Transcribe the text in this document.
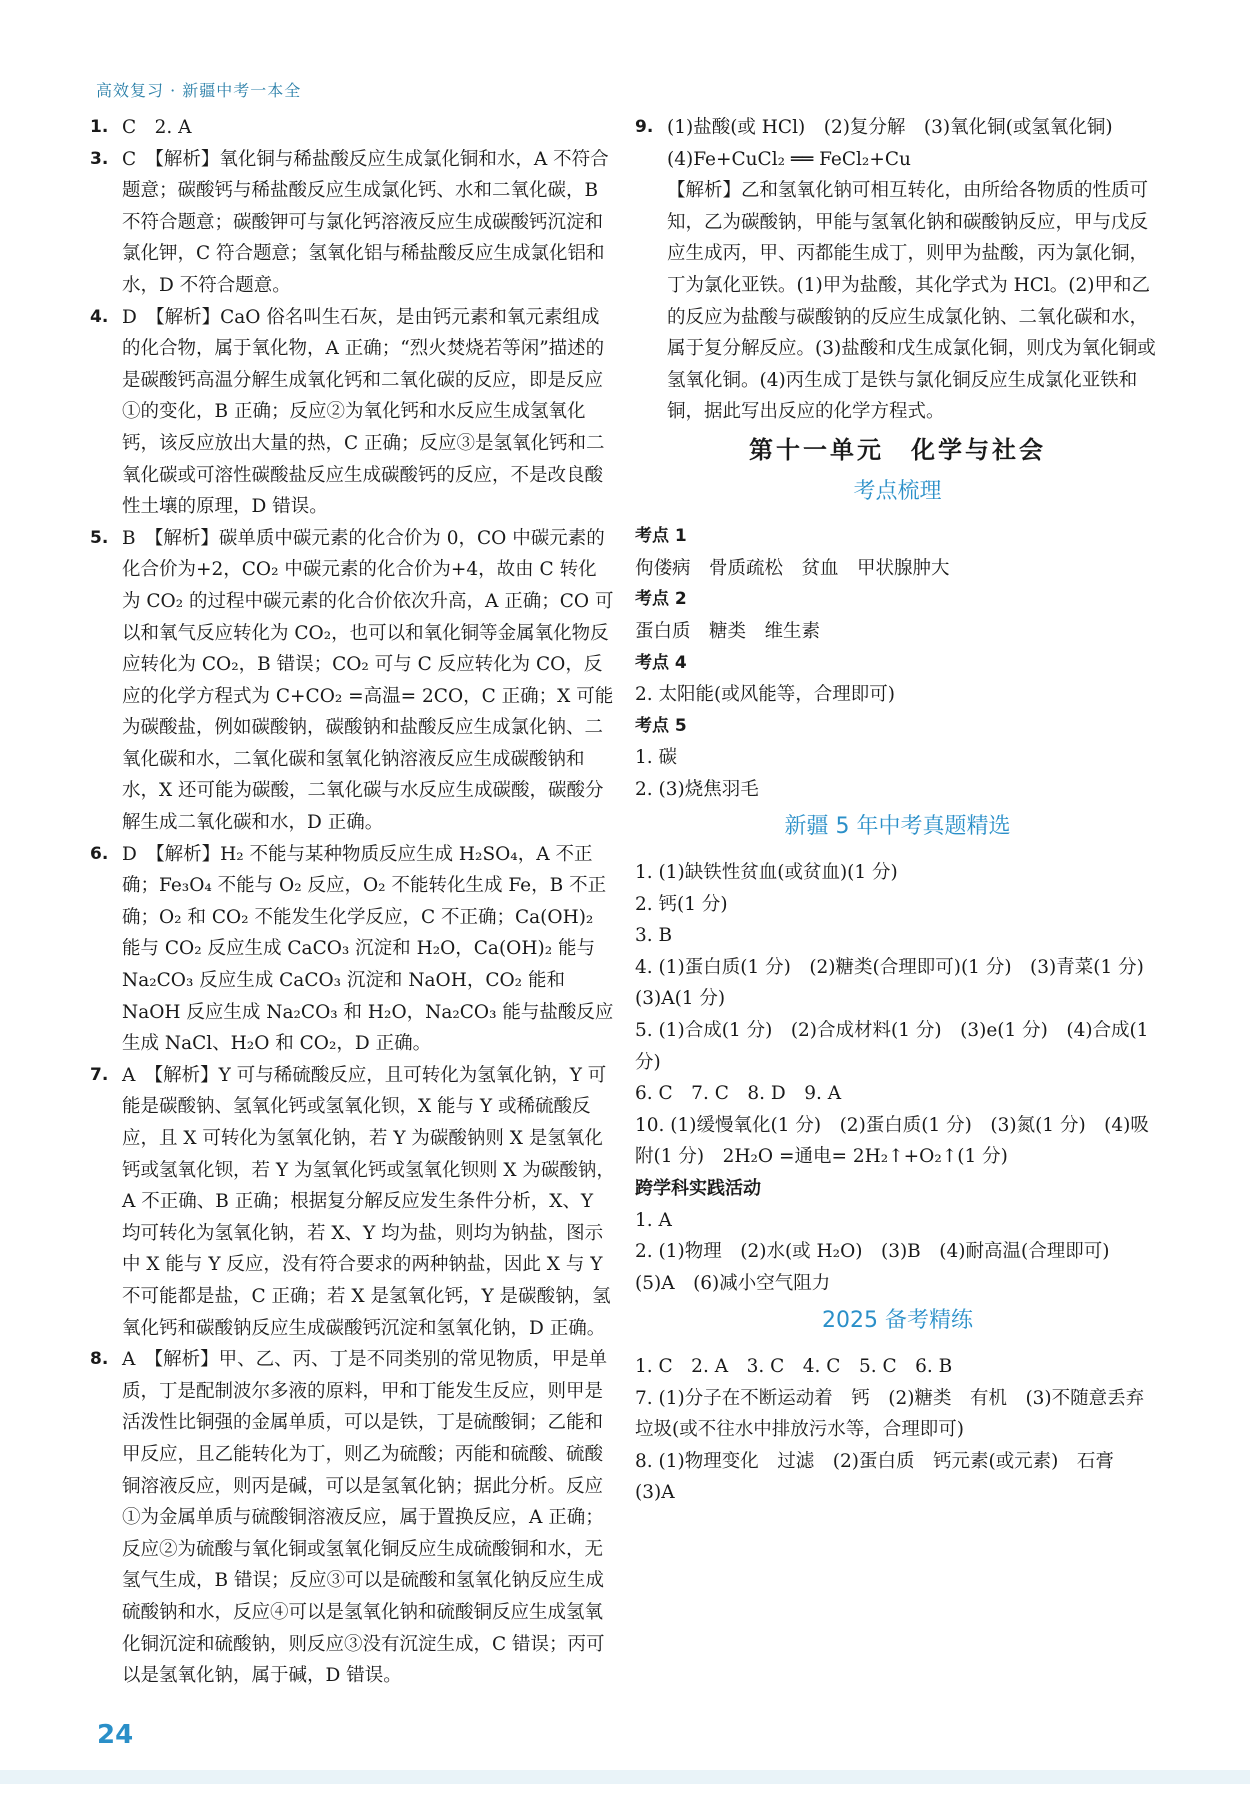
高效复习 · 新疆中考一本全

1. C　2. A

3. C　【解析】氧化铜与稀盐酸反应生成氯化铜和水，A 不符合题意；碳酸钙与稀盐酸反应生成氯化钙、水和二氧化碳，B 不符合题意；碳酸钾可与氯化钙溶液反应生成碳酸钙沉淀和氯化钾，C 符合题意；氢氧化铝与稀盐酸反应生成氯化铝和水，D 不符合题意。

4. D　【解析】CaO 俗名叫生石灰，是由钙元素和氧元素组成的化合物，属于氧化物，A 正确；“烈火焚烧若等闲”描述的是碳酸钙高温分解生成氧化钙和二氧化碳的反应，即是反应①的变化，B 正确；反应②为氧化钙和水反应生成氢氧化钙，该反应放出大量的热，C 正确；反应③是氢氧化钙和二氧化碳或可溶性碳酸盐反应生成碳酸钙的反应，不是改良酸性土壤的原理，D 错误。

5. B　【解析】碳单质中碳元素的化合价为 0，CO 中碳元素的化合价为+2，CO₂ 中碳元素的化合价为+4，故由 C 转化为 CO₂ 的过程中碳元素的化合价依次升高，A 正确；CO 可以和氧气反应转化为 CO₂，也可以和氧化铜等金属氧化物反应转化为 CO₂，B 错误；CO₂ 可与 C 反应转化为 CO，反应的化学方程式为 C+CO₂ =高温= 2CO，C 正确；X 可能为碳酸盐，例如碳酸钠，碳酸钠和盐酸反应生成氯化钠、二氧化碳和水，二氧化碳和氢氧化钠溶液反应生成碳酸钠和水，X 还可能为碳酸，二氧化碳与水反应生成碳酸，碳酸分解生成二氧化碳和水，D 正确。

6. D　【解析】H₂ 不能与某种物质反应生成 H₂SO₄，A 不正确；Fe₃O₄ 不能与 O₂ 反应，O₂ 不能转化生成 Fe，B 不正确；O₂ 和 CO₂ 不能发生化学反应，C 不正确；Ca(OH)₂ 能与 CO₂ 反应生成 CaCO₃ 沉淀和 H₂O，Ca(OH)₂ 能与 Na₂CO₃ 反应生成 CaCO₃ 沉淀和 NaOH，CO₂ 能和 NaOH 反应生成 Na₂CO₃ 和 H₂O，Na₂CO₃ 能与盐酸反应生成 NaCl、H₂O 和 CO₂，D 正确。

7. A　【解析】Y 可与稀硫酸反应，且可转化为氢氧化钠，Y 可能是碳酸钠、氢氧化钙或氢氧化钡，X 能与 Y 或稀硫酸反应，且 X 可转化为氢氧化钠，若 Y 为碳酸钠则 X 是氢氧化钙或氢氧化钡，若 Y 为氢氧化钙或氢氧化钡则 X 为碳酸钠，A 不正确、B 正确；根据复分解反应发生条件分析，X、Y 均可转化为氢氧化钠，若 X、Y 均为盐，则均为钠盐，图示中 X 能与 Y 反应，没有符合要求的两种钠盐，因此 X 与 Y 不可能都是盐，C 正确；若 X 是氢氧化钙，Y 是碳酸钠，氢氧化钙和碳酸钠反应生成碳酸钙沉淀和氢氧化钠，D 正确。

8. A　【解析】甲、乙、丙、丁是不同类别的常见物质，甲是单质，丁是配制波尔多液的原料，甲和丁能发生反应，则甲是活泼性比铜强的金属单质，可以是铁，丁是硫酸铜；乙能和甲反应，且乙能转化为丁，则乙为硫酸；丙能和硫酸、硫酸铜溶液反应，则丙是碱，可以是氢氧化钠；据此分析。反应①为金属单质与硫酸铜溶液反应，属于置换反应，A 正确；反应②为硫酸与氧化铜或氢氧化铜反应生成硫酸铜和水，无氢气生成，B 错误；反应③可以是硫酸和氢氧化钠反应生成硫酸钠和水，反应④可以是氢氧化钠和硫酸铜反应生成氢氧化铜沉淀和硫酸钠，则反应③没有沉淀生成，C 错误；丙可以是氢氧化钠，属于碱，D 错误。

9. (1)盐酸(或 HCl)　(2)复分解　(3)氧化铜(或氢氧化铜)　(4)Fe+CuCl₂ ══ FeCl₂+Cu
【解析】乙和氢氧化钠可相互转化，由所给各物质的性质可知，乙为碳酸钠，甲能与氢氧化钠和碳酸钠反应，甲与戊反应生成丙，甲、丙都能生成丁，则甲为盐酸，丙为氯化铜，丁为氯化亚铁。(1)甲为盐酸，其化学式为 HCl。(2)甲和乙的反应为盐酸与碳酸钠的反应生成氯化钠、二氧化碳和水，属于复分解反应。(3)盐酸和戊生成氯化铜，则戊为氧化铜或氢氧化铜。(4)丙生成丁是铁与氯化铜反应生成氯化亚铁和铜，据此写出反应的化学方程式。

第十一单元　化学与社会
考点梳理

考点 1

佝偻病　骨质疏松　贫血　甲状腺肿大

考点 2

蛋白质　糖类　维生素

考点 4

2. 太阳能(或风能等，合理即可)

考点 5

1. 碳

2. (3)烧焦羽毛

新疆 5 年中考真题精选

1. (1)缺铁性贫血(或贫血)(1 分)

2. 钙(1 分)

3. B

4. (1)蛋白质(1 分)　(2)糖类(合理即可)(1 分)　(3)青菜(1 分)　(3)A(1 分)

5. (1)合成(1 分)　(2)合成材料(1 分)　(3)e(1 分)　(4)合成(1 分)

6. C　7. C　8. D　9. A

10. (1)缓慢氧化(1 分)　(2)蛋白质(1 分)　(3)氮(1 分)　(4)吸附(1 分)　2H₂O =通电= 2H₂↑+O₂↑(1 分)

跨学科实践活动

1. A

2. (1)物理　(2)水(或 H₂O)　(3)B　(4)耐高温(合理即可)　(5)A　(6)减小空气阻力

2025 备考精练

1. C　2. A　3. C　4. C　5. C　6. B

7. (1)分子在不断运动着　钙　(2)糖类　有机　(3)不随意丢弃垃圾(或不往水中排放污水等，合理即可)

8. (1)物理变化　过滤　(2)蛋白质　钙元素(或元素)　石膏　(3)A

24
